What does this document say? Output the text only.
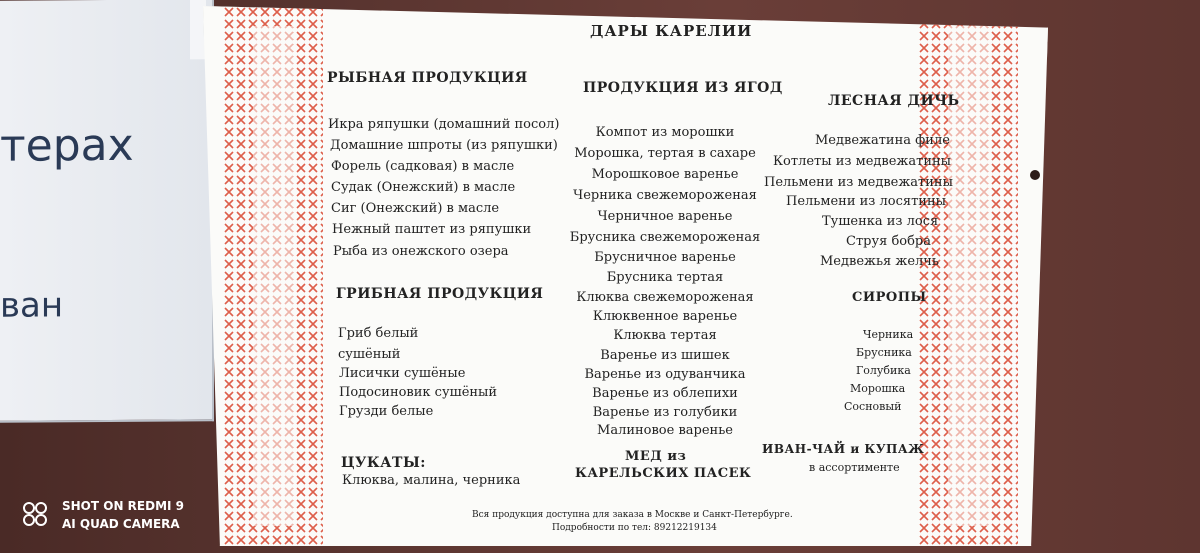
терах
ван
ДАРЫ КАРЕЛИИ
РЫБНАЯ ПРОДУКЦИЯ
Икра ряпушки (домашний посол)
Домашние шпроты (из ряпушки)
Форель (садковая) в масле
Судак (Онежский) в масле
Сиг (Онежский) в масле
Нежный паштет из ряпушки
Рыба из онежского озера
ГРИБНАЯ ПРОДУКЦИЯ
Гриб белый
сушёный
Лисички сушёные
Подосиновик сушёный
Грузди белые
ЦУКАТЫ:
Клюква, малина, черника
ПРОДУКЦИЯ ИЗ ЯГОД
Компот из морошки
Морошка, тертая в сахаре
Морошковое варенье
Черника свежемороженая
Черничное варенье
Брусника свежемороженая
Брусничное варенье
Брусника тертая
Клюква свежемороженая
Клюквенное варенье
Клюква тертая
Варенье из шишек
Варенье из одуванчика
Варенье из облепихи
Варенье из голубики
Малиновое варенье
МЕД из
КАРЕЛЬСКИХ ПАСЕК
ЛЕСНАЯ ДИЧЬ
Медвежатина филе
Котлеты из медвежатины
Пельмени из медвежатины
Пельмени из лосятины
Тушенка из лося
Струя бобра
Медвежья желчь
СИРОПЫ
Черника
Брусника
Голубика
Морошка
Сосновый
ИВАН-ЧАЙ и КУПАЖ
в ассортименте
Вся продукция доступна для заказа в Москве и Санкт-Петербурге.
Подробности по тел: 89212219134
SHOT ON REDMI 9
AI QUAD CAMERA
